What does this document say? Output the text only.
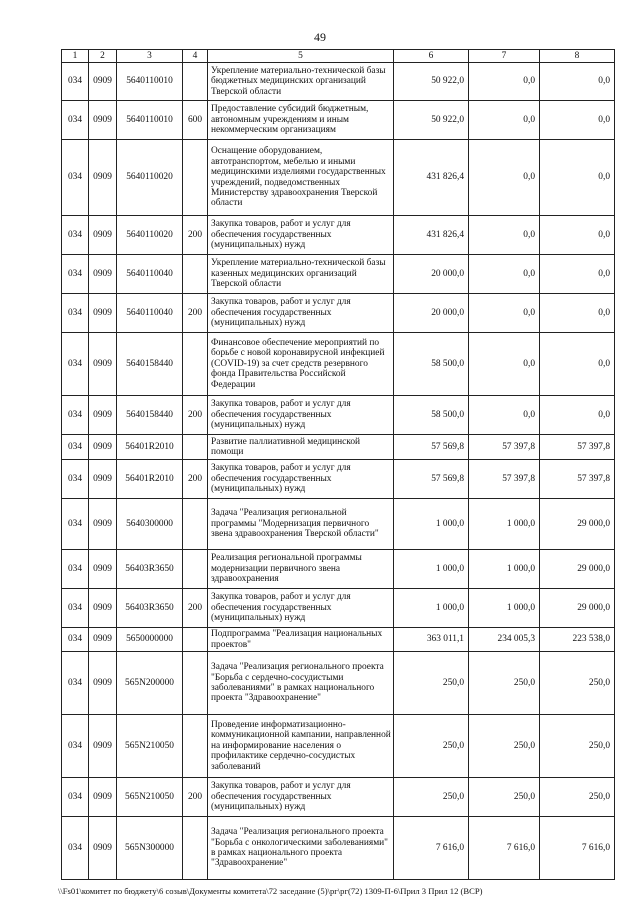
49
1	2	3	4	5	6	7	8
034	0909	5640110010		Укрепление материально-технической базы бюджетных медицинских организаций Тверской области	50 922,0	0,0	0,0
034	0909	5640110010	600	Предоставление субсидий бюджетным, автономным учреждениям и иным некоммерческим организациям	50 922,0	0,0	0,0
034	0909	5640110020		Оснащение оборудованием, автотранспортом, мебелью и иными медицинскими изделиями государственных учреждений, подведомственных Министерству здравоохранения Тверской области	431 826,4	0,0	0,0
034	0909	5640110020	200	Закупка товаров, работ и услуг для обеспечения государственных (муниципальных) нужд	431 826,4	0,0	0,0
034	0909	5640110040		Укрепление материально-технической базы казенных медицинских организаций Тверской области	20 000,0	0,0	0,0
034	0909	5640110040	200	Закупка товаров, работ и услуг для обеспечения государственных (муниципальных) нужд	20 000,0	0,0	0,0
034	0909	5640158440		Финансовое обеспечение мероприятий по борьбе с новой коронавирусной инфекцией (COVID-19) за счет средств резервного фонда Правительства Российской Федерации	58 500,0	0,0	0,0
034	0909	5640158440	200	Закупка товаров, работ и услуг для обеспечения государственных (муниципальных) нужд	58 500,0	0,0	0,0
034	0909	56401R2010		Развитие паллиативной медицинской помощи	57 569,8	57 397,8	57 397,8
034	0909	56401R2010	200	Закупка товаров, работ и услуг для обеспечения государственных (муниципальных) нужд	57 569,8	57 397,8	57 397,8
034	0909	5640300000		Задача "Реализация региональной программы "Модернизация первичного звена здравоохранения Тверской области"	1 000,0	1 000,0	29 000,0
034	0909	56403R3650		Реализация региональной программы модернизации первичного звена здравоохранения	1 000,0	1 000,0	29 000,0
034	0909	56403R3650	200	Закупка товаров, работ и услуг для обеспечения государственных (муниципальных) нужд	1 000,0	1 000,0	29 000,0
034	0909	5650000000		Подпрограмма "Реализация национальных проектов"	363 011,1	234 005,3	223 538,0
034	0909	565N200000		Задача "Реализация регионального проекта "Борьба с сердечно-сосудистыми заболеваниями" в рамках национального проекта "Здравоохранение"	250,0	250,0	250,0
034	0909	565N210050		Проведение информатизационно-коммуникационной кампании, направленной на информирование населения о профилактике сердечно-сосудистых заболеваний	250,0	250,0	250,0
034	0909	565N210050	200	Закупка товаров, работ и услуг для обеспечения государственных (муниципальных) нужд	250,0	250,0	250,0
034	0909	565N300000		Задача "Реализация регионального проекта "Борьба с онкологическими заболеваниями" в рамках национального проекта "Здравоохранение"	7 616,0	7 616,0	7 616,0
\\Fs01\комитет по бюджету\6 созыв\Документы комитета\72 заседание (5)\рг\рг(72) 1309-П-6\Прил 3 Прил 12 (ВСР)
